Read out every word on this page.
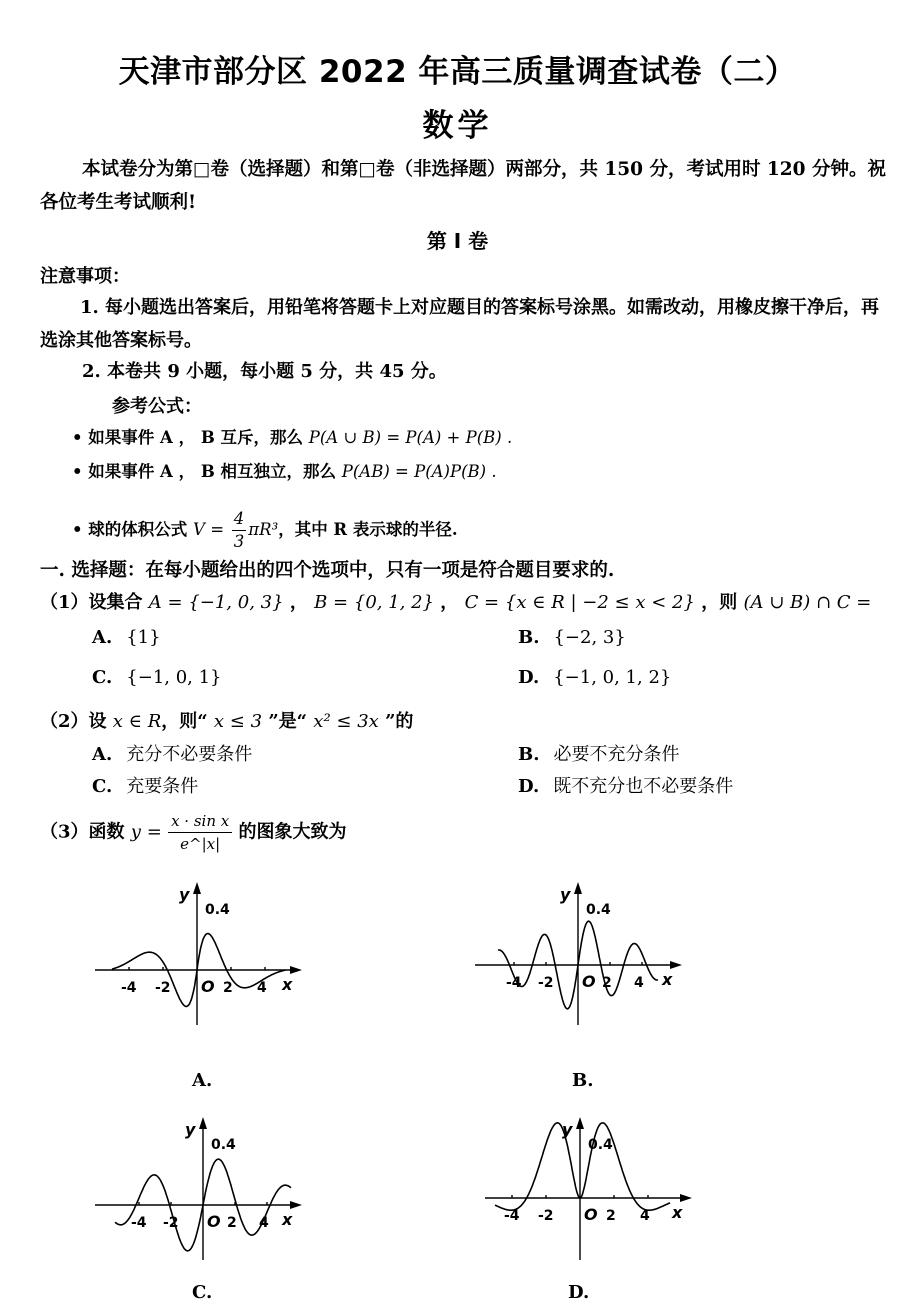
天津市部分区 2022 年高三质量调查试卷（二）
数学
本试卷分为第□卷（选择题）和第□卷（非选择题）两部分，共 150 分，考试用时 120 分钟。祝各位考生考试顺利!
第 I 卷
注意事项：
1. 每小题选出答案后，用铅笔将答题卡上对应题目的答案标号涂黑。如需改动，用橡皮擦干净后，再选涂其他答案标号。
2. 本卷共 9 小题，每小题 5 分，共 45 分。
参考公式：
• 如果事件 A ， B 互斥，那么 P(A ∪ B) = P(A) + P(B) .
• 如果事件 A ， B 相互独立，那么 P(AB) = P(A)P(B) .
• 球的体积公式 $V = \frac{4}{3} \pi R^3$，其中 R 表示球的半径.
一. 选择题：在每小题给出的四个选项中，只有一项是符合题目要求的.
（1）设集合 A = {−1, 0, 3} ， B = {0, 1, 2} ， C = {x ∈ R | −2 ≤ x < 2} ，则 (A ∪ B) ∩ C =
A. {1}	B. {−2, 3}
C. {−1, 0, 1}	D. {−1, 0, 1, 2}
（2）设 x ∈ R，则“ x ≤ 3 ”是“ x² ≤ 3x ”的
A. 充分不必要条件	B. 必要不充分条件
C. 充要条件	D. 既不充分也不必要条件
（3）函数 $y = \frac{\text{x · sin x}}{e\^{}|x|}$ 的图象大致为
-4 -2	2 4
O	x
y
0.4
-4 -2	2 4
O	x
y
0.4
-4 -2	2 4
O	x
y
0.4
-4 -2	2 4
O	x
y
0.4
A.	B.
C.	D.
